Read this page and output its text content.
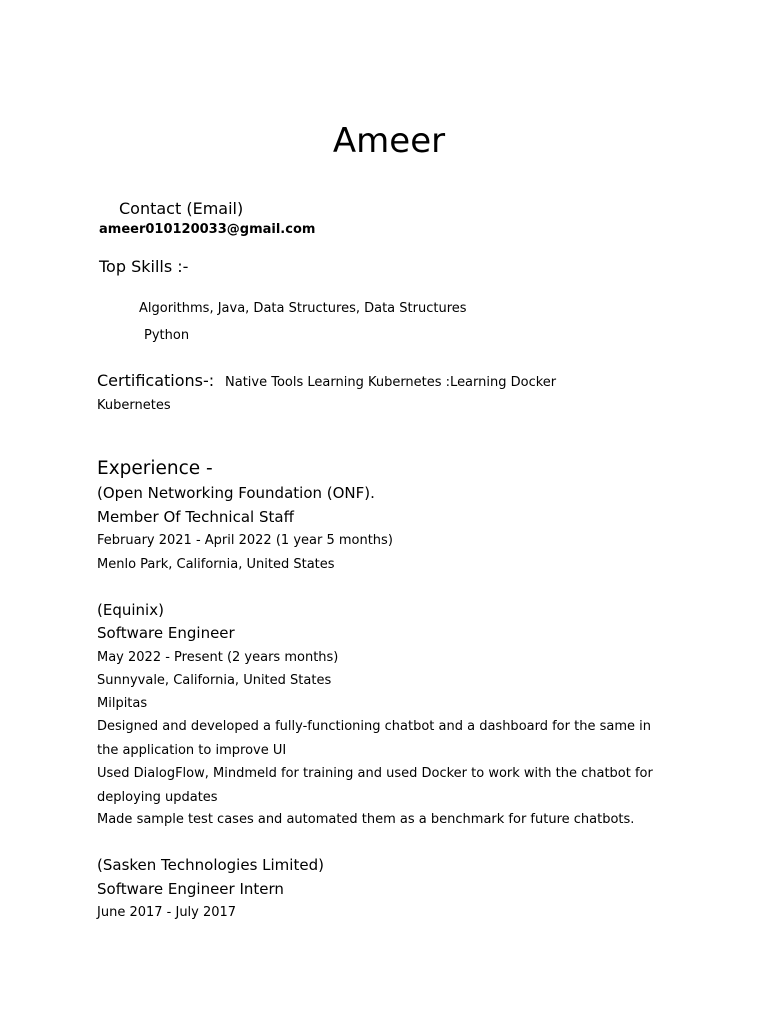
Ameer
Contact (Email)
ameer010120033@gmail.com
Top Skills :-
Algorithms, Java, Data Structures, Data Structures
Python
Certifications-: Native Tools Learning Kubernetes :Learning Docker
Kubernetes
Experience -
(Open Networking Foundation (ONF).
Member Of Technical Staff
February 2021 - April 2022 (1 year 5 months)
Menlo Park, California, United States
(Equinix)
Software Engineer
May 2022 - Present (2 years months)
Sunnyvale, California, United States
Milpitas
Designed and developed a fully-functioning chatbot and a dashboard for the same in
the application to improve UI
Used DialogFlow, Mindmeld for training and used Docker to work with the chatbot for
deploying updates
Made sample test cases and automated them as a benchmark for future chatbots.
(Sasken Technologies Limited)
Software Engineer Intern
June 2017 - July 2017
